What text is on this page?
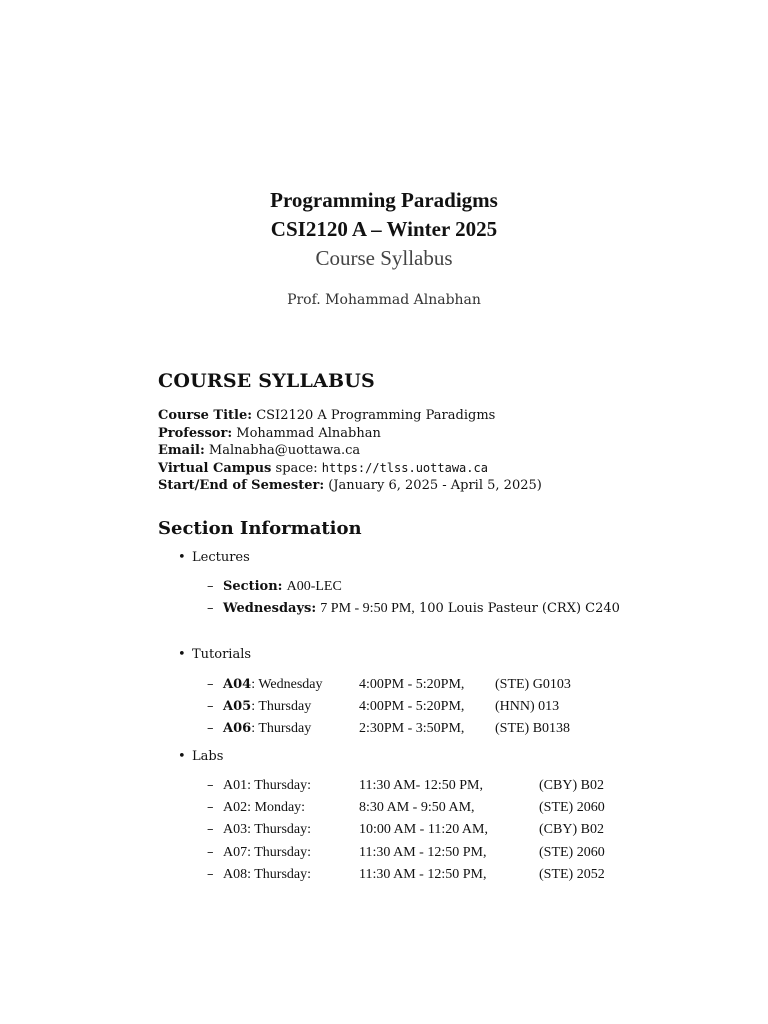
Programming Paradigms
CSI2120 A – Winter 2025
Course Syllabus
Prof. Mohammad Alnabhan
COURSE SYLLABUS
Course Title: CSI2120 A Programming Paradigms
Professor: Mohammad Alnabhan
Email: Malnabha@uottawa.ca
Virtual Campus space: https://tlss.uottawa.ca
Start/End of Semester: (January 6, 2025 - April 5, 2025)
Section Information
• Lectures
– Section: A00-LEC
– Wednesdays: 7 PM - 9:50 PM, 100 Louis Pasteur (CRX) C240
• Tutorials
– A04: Wednesday	4:00PM - 5:20PM, (STE) G0103
– A05: Thursday	4:00PM - 5:20PM, (HNN) 013
– A06: Thursday	2:30PM - 3:50PM, (STE) B0138
• Labs
– A01: Thursday:	11:30 AM- 12:50 PM,	(CBY) B02
– A02: Monday:	8:30 AM - 9:50 AM,	(STE) 2060
– A03: Thursday:	10:00 AM - 11:20 AM,	(CBY) B02
– A07: Thursday:	11:30 AM - 12:50 PM,	(STE) 2060
– A08: Thursday:	11:30 AM - 12:50 PM,	(STE) 2052
